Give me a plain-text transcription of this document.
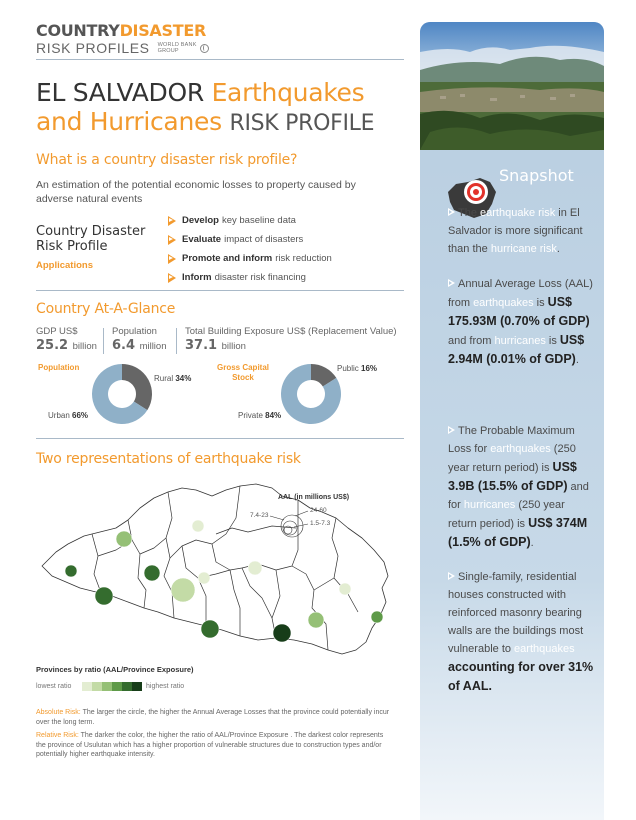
COUNTRYDISASTER
RISK PROFILES WORLD BANK
GROUP
EL SALVADOR Earthquakes
and Hurricanes RISK PROFILE
What is a country disaster risk profile?
An estimation of the potential economic losses to property caused by adverse natural events
Country Disaster
Risk Profile
Applications
Develop key baseline data
Evaluate impact of disasters
Promote and inform risk reduction
Inform disaster risk financing
Country At-A-Glance
GDP US$
25.2 billion
Population
6.4 million
Total Building Exposure US$ (Replacement Value)
37.1 billion
Population
Rural 34%
Urban 66%
Gross Capital
Stock
Public 16%
Private 84%
Two representations of earthquake risk
AAL (in millions US$)
7.4-23
24-60
1.5-7.3
Provinces by ratio (AAL/Province Exposure)
lowest ratio	highest ratio
Absolute Risk: The larger the circle, the higher the Annual Average Losses that the province could potentially incur over the long term.
Relative Risk: The darker the color, the higher the ratio of AAL/Province Exposure . The darkest color represents the province of Usulutan which has a higher proportion of vulnerable structures due to construction types and/or potentially higher earthquake intensity.
Snapshot
The earthquake risk in El Salvador is more significant than the hurricane risk.
Annual Average Loss (AAL) from earthquakes is US$ 175.93M (0.70% of GDP) and from hurricanes is US$ 2.94M (0.01% of GDP).
The Probable Maximum Loss for earthquakes (250 year return period) is US$ 3.9B (15.5% of GDP) and for hurricanes (250 year return period) is US$ 374M (1.5% of GDP).
Single-family, residential houses constructed with reinforced masonry bearing walls are the buildings most vulnerable to earthquakes accounting for over 31% of AAL.
